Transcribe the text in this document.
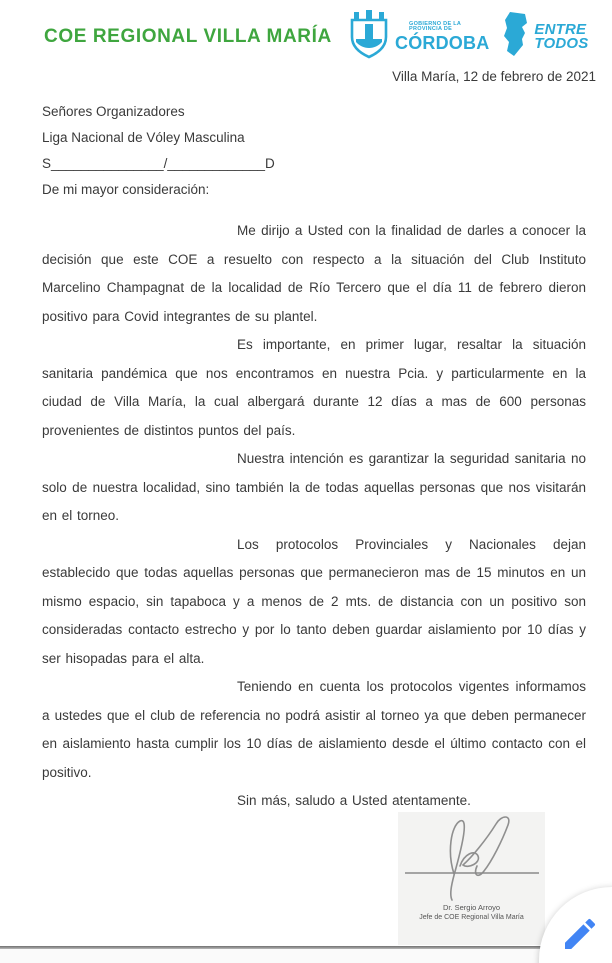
COE REGIONAL VILLA MARÍA
GOBIERNO DE LA
PROVINCIA DE
CÓRDOBA
ENTRE
TODOS
Villa María, 12 de febrero de 2021
Señores Organizadores
Liga Nacional de Vóley Masculina
S_______________/_____________D
De mi mayor consideración:

Me dirijo a Usted con la finalidad de darles a conocer la decisión que este COE a resuelto con respecto a la situación del Club Instituto Marcelino Champagnat de la localidad de Río Tercero que el día 11 de febrero dieron positivo para Covid integrantes de su plantel.

Es importante, en primer lugar, resaltar la situación sanitaria pandémica que nos encontramos en nuestra Pcia. y particularmente en la ciudad de Villa María, la cual albergará durante 12 días a mas de 600 personas provenientes de distintos puntos del país.

Nuestra intención es garantizar la seguridad sanitaria no solo de nuestra localidad, sino también la de todas aquellas personas que nos visitarán en el torneo.

Los protocolos Provinciales y Nacionales dejan establecido que todas aquellas personas que permanecieron mas de 15 minutos en un mismo espacio, sin tapaboca y a menos de 2 mts. de distancia con un positivo son consideradas contacto estrecho y por lo tanto deben guardar aislamiento por 10 días y ser hisopadas para el alta.

Teniendo en cuenta los protocolos vigentes informamos a ustedes que el club de referencia no podrá asistir al torneo ya que deben permanecer en aislamiento hasta cumplir los 10 días de aislamiento desde el último contacto con el positivo.

Sin más, saludo a Usted atentamente.

Dr. Sergio Arroyo
Jefe de COE Regional Villa María
